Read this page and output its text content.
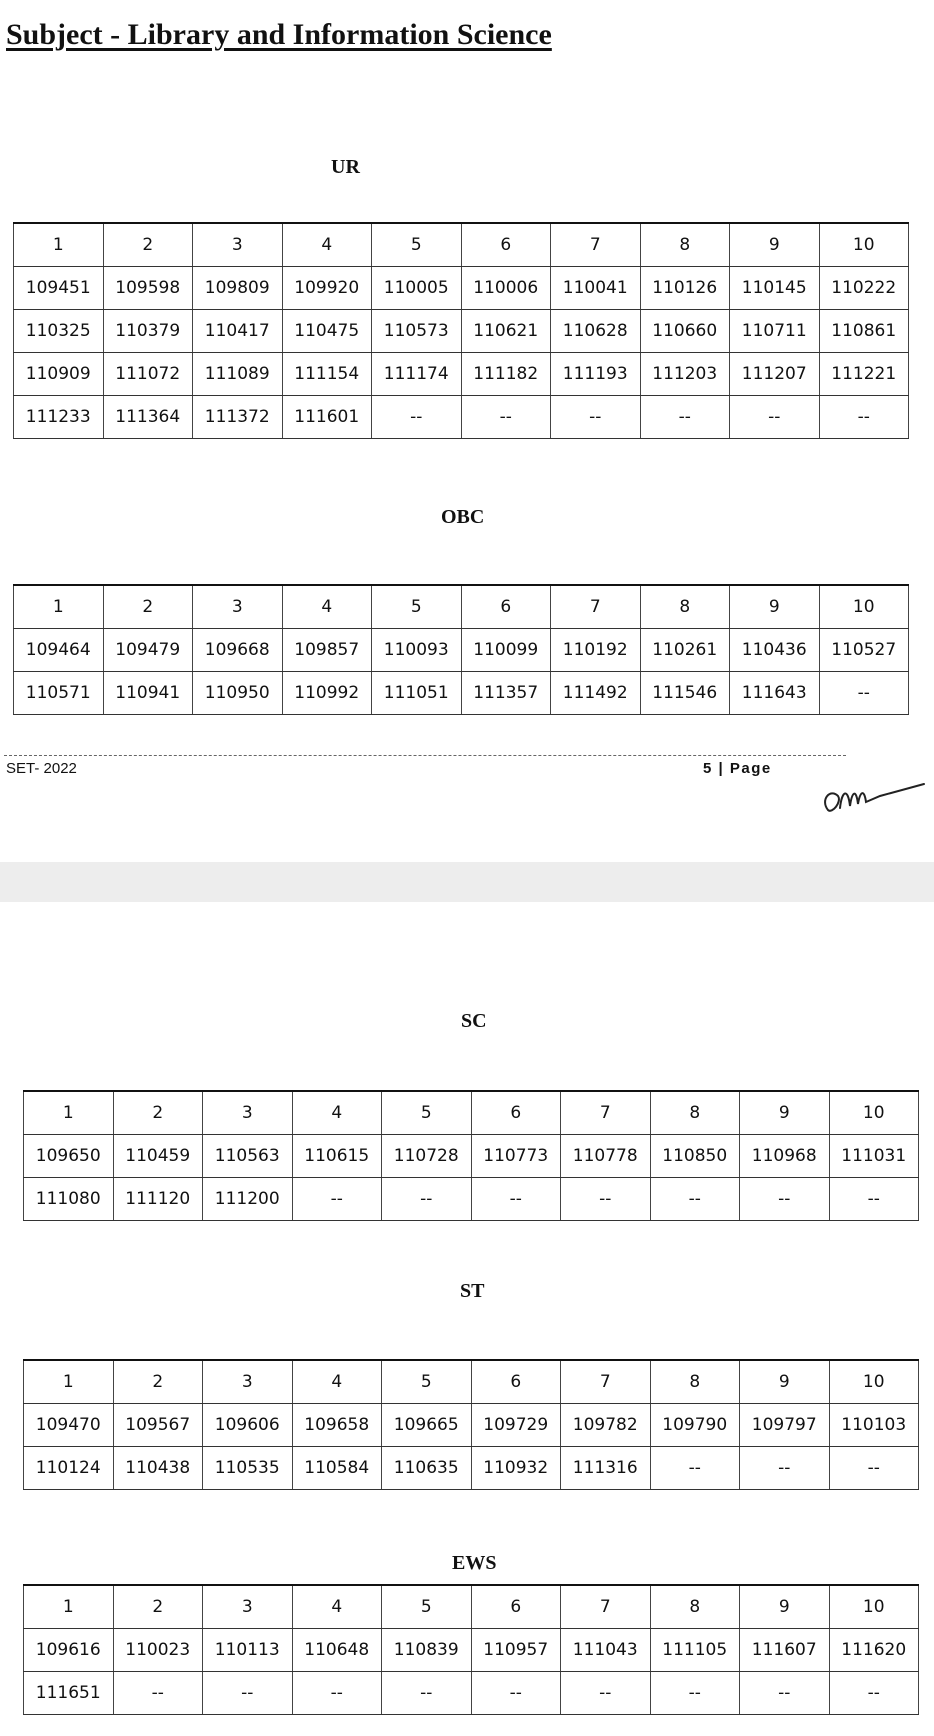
Subject - Library and Information Science
UR
1	2	3	4	5	6	7	8	9	10
109451	109598	109809	109920	110005	110006	110041	110126	110145	110222
110325	110379	110417	110475	110573	110621	110628	110660	110711	110861
110909	111072	111089	111154	111174	111182	111193	111203	111207	111221
111233	111364	111372	111601	--	--	--	--	--	--
OBC
1	2	3	4	5	6	7	8	9	10
109464	109479	109668	109857	110093	110099	110192	110261	110436	110527
110571	110941	110950	110992	111051	111357	111492	111546	111643	--
SET- 2022	5 | Page
SC
1	2	3	4	5	6	7	8	9	10
109650	110459	110563	110615	110728	110773	110778	110850	110968	111031
111080	111120	111200	--	--	--	--	--	--	--
ST
1	2	3	4	5	6	7	8	9	10
109470	109567	109606	109658	109665	109729	109782	109790	109797	110103
110124	110438	110535	110584	110635	110932	111316	--	--	--
EWS
1	2	3	4	5	6	7	8	9	10
109616	110023	110113	110648	110839	110957	111043	111105	111607	111620
111651	--	--	--	--	--	--	--	--	--
